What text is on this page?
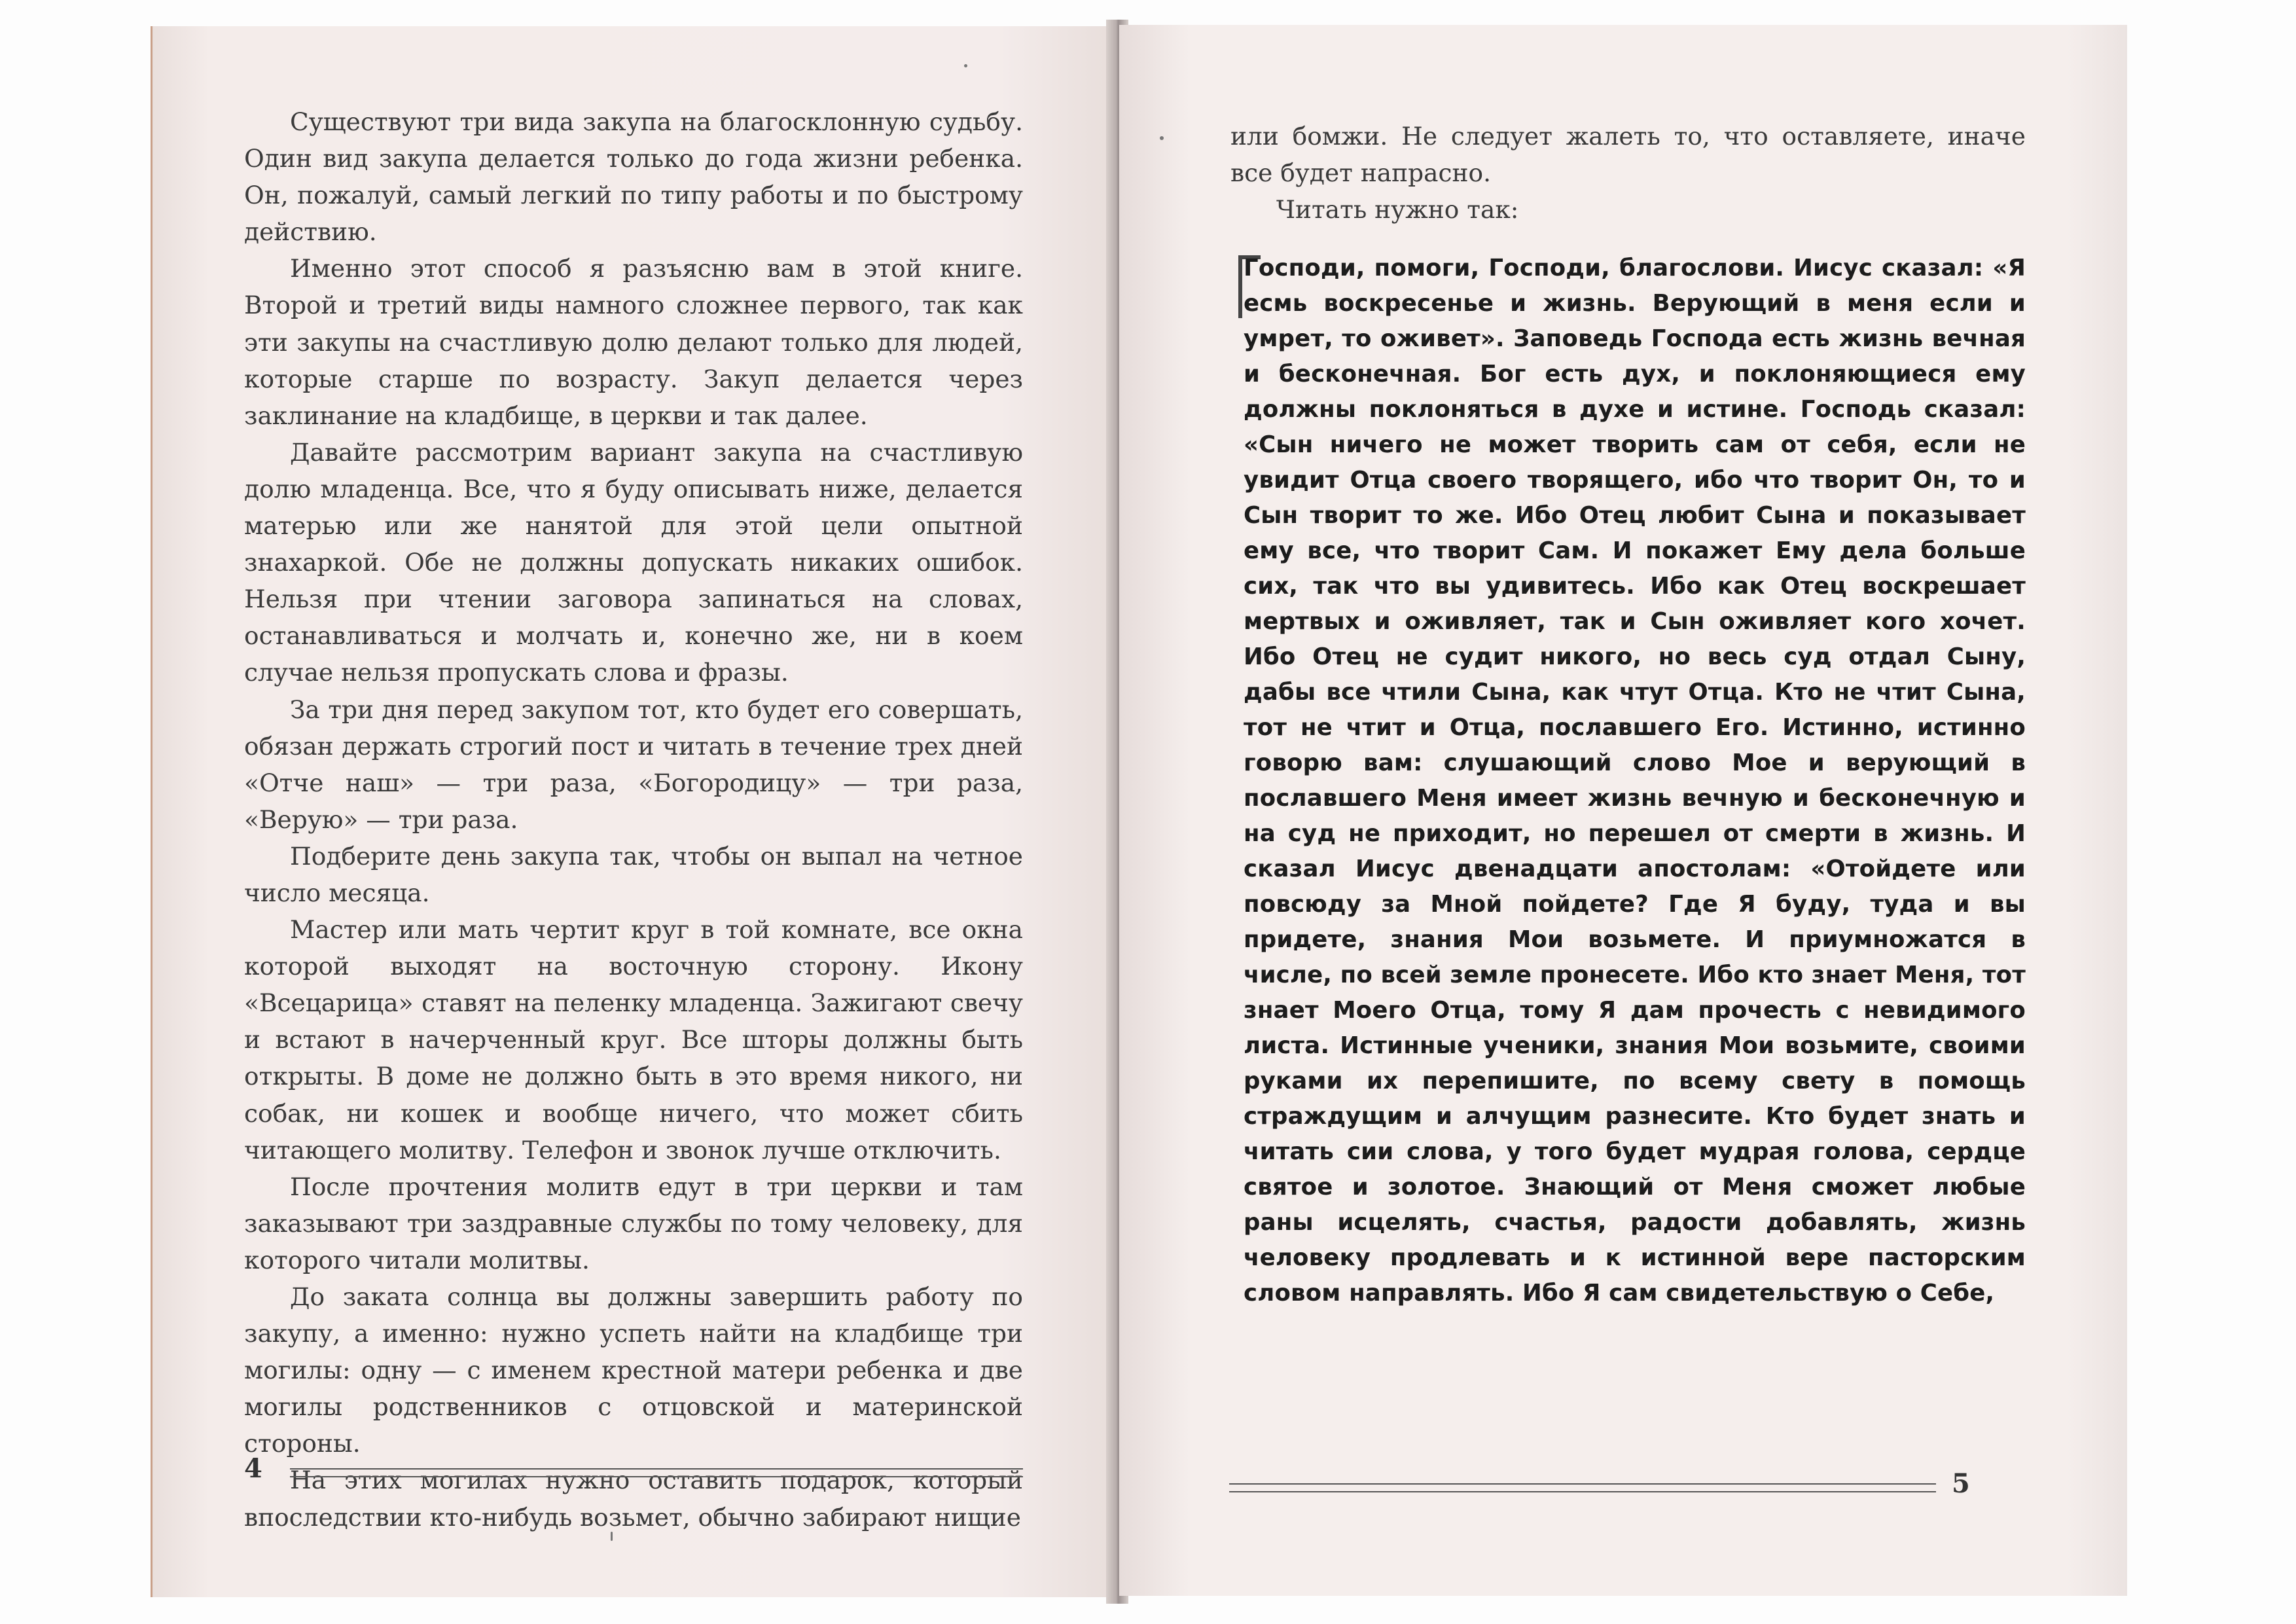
Существуют три вида закупа на благосклонную судьбу. Один вид закупа делается только до года жизни ребенка. Он, пожалуй, самый легкий по типу работы и по быстрому действию.

Именно этот способ я разъясню вам в этой книге. Второй и третий виды намного сложнее первого, так как эти закупы на счастливую долю делают только для людей, которые старше по возрасту. Закуп делается через заклинание на кладбище, в церкви и так далее.

Давайте рассмотрим вариант закупа на счастливую долю младенца. Все, что я буду описывать ниже, делается матерью или же нанятой для этой цели опытной знахаркой. Обе не должны допускать никаких ошибок. Нельзя при чтении заговора запинаться на словах, останавливаться и молчать и, конечно же, ни в коем случае нельзя пропускать слова и фразы.

За три дня перед закупом тот, кто будет его совершать, обязан держать строгий пост и читать в течение трех дней «Отче наш» — три раза, «Богородицу» — три раза, «Верую» — три раза.

Подберите день закупа так, чтобы он выпал на четное число месяца.

Мастер или мать чертит круг в той комнате, все окна которой выходят на восточную сторону. Икону «Всецарица» ставят на пеленку младенца. Зажигают свечу и встают в начерченный круг. Все шторы должны быть открыты. В доме не должно быть в это время никого, ни собак, ни кошек и вообще ничего, что может сбить читающего молитву. Телефон и звонок лучше отключить.

После прочтения молитв едут в три церкви и там заказывают три заздравные службы по тому человеку, для которого читали молитвы.

До заката солнца вы должны завершить работу по закупу, а именно: нужно успеть найти на кладбище три могилы: одну — с именем крестной матери ребенка и две могилы родственников с отцовской и материнской стороны.

На этих могилах нужно оставить подарок, который впоследствии кто-нибудь возьмет, обычно забирают нищие

4

или бомжи. Не следует жалеть то, что оставляете, иначе все будет напрасно.

Читать нужно так:

Господи, помоги, Господи, благослови. Иисус сказал: «Я есмь воскресенье и жизнь. Верующий в меня если и умрет, то оживет». Заповедь Господа есть жизнь вечная и бесконечная. Бог есть дух, и поклоняющиеся ему должны поклоняться в духе и истине. Господь сказал: «Сын ничего не может творить сам от себя, если не увидит Отца своего творящего, ибо что творит Он, то и Сын творит то же. Ибо Отец любит Сына и показывает ему все, что творит Сам. И покажет Ему дела больше сих, так что вы удивитесь. Ибо как Отец воскрешает мертвых и оживляет, так и Сын оживляет кого хочет. Ибо Отец не судит никого, но весь суд отдал Сыну, дабы все чтили Сына, как чтут Отца. Кто не чтит Сына, тот не чтит и Отца, пославшего Его. Истинно, истинно говорю вам: слушающий слово Мое и верующий в пославшего Меня имеет жизнь вечную и бесконечную и на суд не приходит, но перешел от смерти в жизнь. И сказал Иисус двенадцати апостолам: «Отойдете или повсюду за Мной пойдете? Где Я буду, туда и вы придете, знания Мои возьмете. И приумножатся в числе, по всей земле пронесете. Ибо кто знает Меня, тот знает Моего Отца, тому Я дам прочесть с невидимого листа. Истинные ученики, знания Мои возьмите, своими руками их перепишите, по всему свету в помощь страждущим и алчущим разнесите. Кто будет знать и читать сии слова, у того будет мудрая голова, сердце святое и золотое. Знающий от Меня сможет любые раны исцелять, счастья, радости добавлять, жизнь человеку продлевать и к истинной вере пасторским словом направлять. Ибо Я сам свидетельствую о Себе,

5
